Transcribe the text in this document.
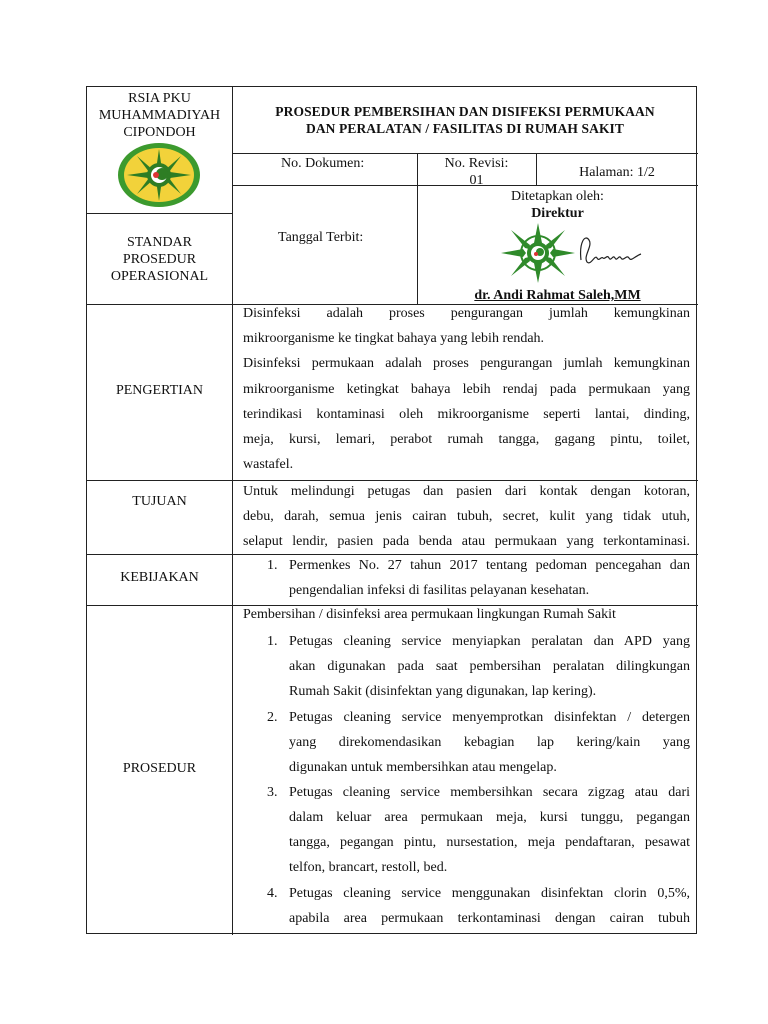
RSIA PKU
MUHAMMADIYAH
CIPONDOH
STANDAR
PROSEDUR
OPERASIONAL
PROSEDUR PEMBERSIHAN DAN DISIFEKSI PERMUKAAN
DAN PERALATAN / FASILITAS DI RUMAH SAKIT
No. Dokumen:	No. Revisi:
01
Halaman: 1/2
Tanggal Terbit:
Ditetapkan oleh:
Direktur
dr. Andi Rahmat Saleh,MM
PENGERTIAN
Disinfeksi adalah proses pengurangan jumlah kemungkinan
mikroorganisme ke tingkat bahaya yang lebih rendah.
Disinfeksi permukaan adalah proses pengurangan jumlah kemungkinan
mikroorganisme ketingkat bahaya lebih rendaj pada permukaan yang
terindikasi kontaminasi oleh mikroorganisme seperti lantai, dinding,
meja, kursi, lemari, perabot rumah tangga, gagang pintu, toilet,
wastafel.
TUJUAN
Untuk melindungi petugas dan pasien dari kontak dengan kotoran,
debu, darah, semua jenis cairan tubuh, secret, kulit yang tidak utuh,
selaput lendir, pasien pada benda atau permukaan yang terkontaminasi.
KEBIJAKAN
1. Permenkes No. 27 tahun 2017 tentang pedoman pencegahan dan
pengendalian infeksi di fasilitas pelayanan kesehatan.
PROSEDUR
Pembersihan / disinfeksi area permukaan lingkungan Rumah Sakit
1. Petugas cleaning service menyiapkan peralatan dan APD yang
akan digunakan pada saat pembersihan peralatan dilingkungan
Rumah Sakit (disinfektan yang digunakan, lap kering).
2. Petugas cleaning service menyemprotkan disinfektan / detergen
yang direkomendasikan kebagian lap kering/kain yang
digunakan untuk membersihkan atau mengelap.
3. Petugas cleaning service membersihkan secara zigzag atau dari
dalam keluar area permukaan meja, kursi tunggu, pegangan
tangga, pegangan pintu, nursestation, meja pendaftaran, pesawat
telfon, brancart, restoll, bed.
4. Petugas cleaning service menggunakan disinfektan clorin 0,5%,
apabila area permukaan terkontaminasi dengan cairan tubuh
